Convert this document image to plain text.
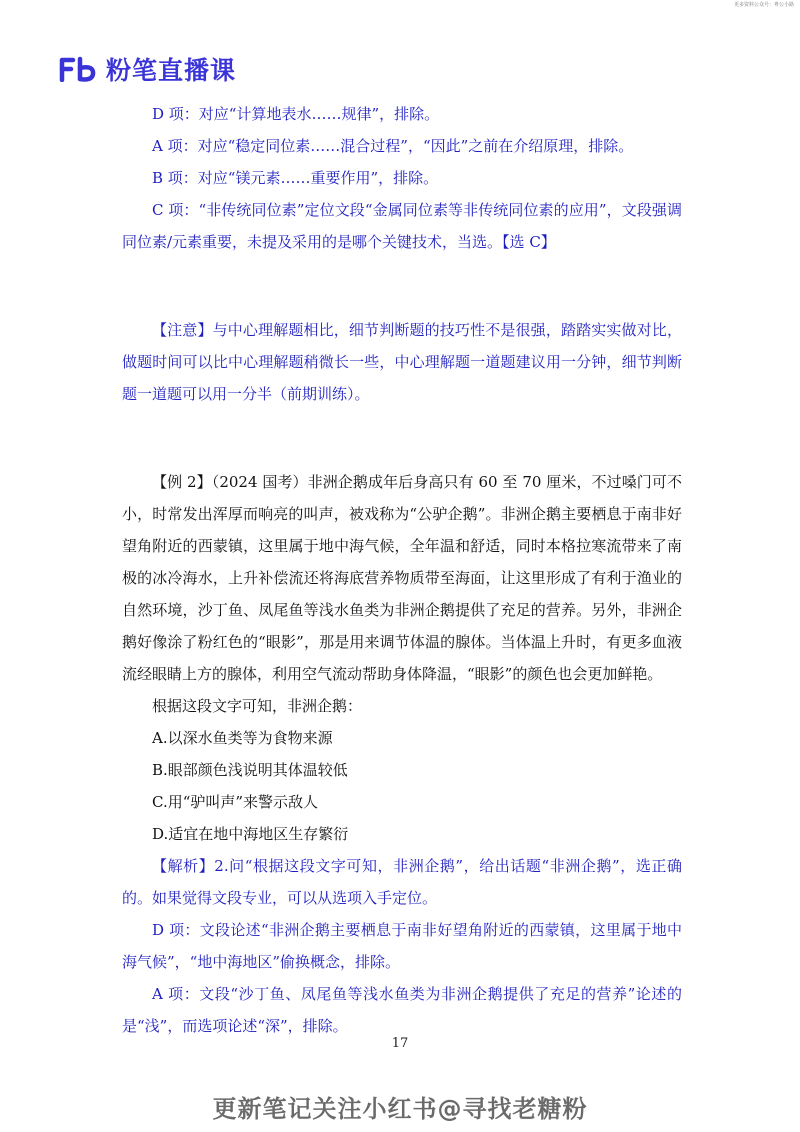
更多资料公众号：粤公小路
粉笔直播课

D 项：对应“计算地表水……规律”，排除。

A 项：对应“稳定同位素……混合过程”，“因此”之前在介绍原理，排除。

B 项：对应“镁元素……重要作用”，排除。

C 项：“非传统同位素”定位文段“金属同位素等非传统同位素的应用”，文段强调同位素/元素重要，未提及采用的是哪个关键技术，当选。【选 C】

【注意】与中心理解题相比，细节判断题的技巧性不是很强，踏踏实实做对比，做题时间可以比中心理解题稍微长一些，中心理解题一道题建议用一分钟，细节判断题一道题可以用一分半（前期训练）。

【例 2】（2024 国考）非洲企鹅成年后身高只有 60 至 70 厘米，不过嗓门可不小，时常发出浑厚而响亮的叫声，被戏称为“公驴企鹅”。非洲企鹅主要栖息于南非好望角附近的西蒙镇，这里属于地中海气候，全年温和舒适，同时本格拉寒流带来了南极的冰冷海水，上升补偿流还将海底营养物质带至海面，让这里形成了有利于渔业的自然环境，沙丁鱼、凤尾鱼等浅水鱼类为非洲企鹅提供了充足的营养。另外，非洲企鹅好像涂了粉红色的“眼影”，那是用来调节体温的腺体。当体温上升时，有更多血液流经眼睛上方的腺体，利用空气流动帮助身体降温，“眼影”的颜色也会更加鲜艳。

根据这段文字可知，非洲企鹅：

A.以深水鱼类等为食物来源

B.眼部颜色浅说明其体温较低

C.用“驴叫声”来警示敌人

D.适宜在地中海地区生存繁衍

【解析】2.问“根据这段文字可知，非洲企鹅”，给出话题“非洲企鹅”，选正确的。如果觉得文段专业，可以从选项入手定位。

D 项：文段论述“非洲企鹅主要栖息于南非好望角附近的西蒙镇，这里属于地中海气候”，“地中海地区”偷换概念，排除。

A 项：文段“沙丁鱼、凤尾鱼等浅水鱼类为非洲企鹅提供了充足的营养”论述的是“浅”，而选项论述“深”，排除。

17
更新笔记关注小红书@寻找老糖粉
